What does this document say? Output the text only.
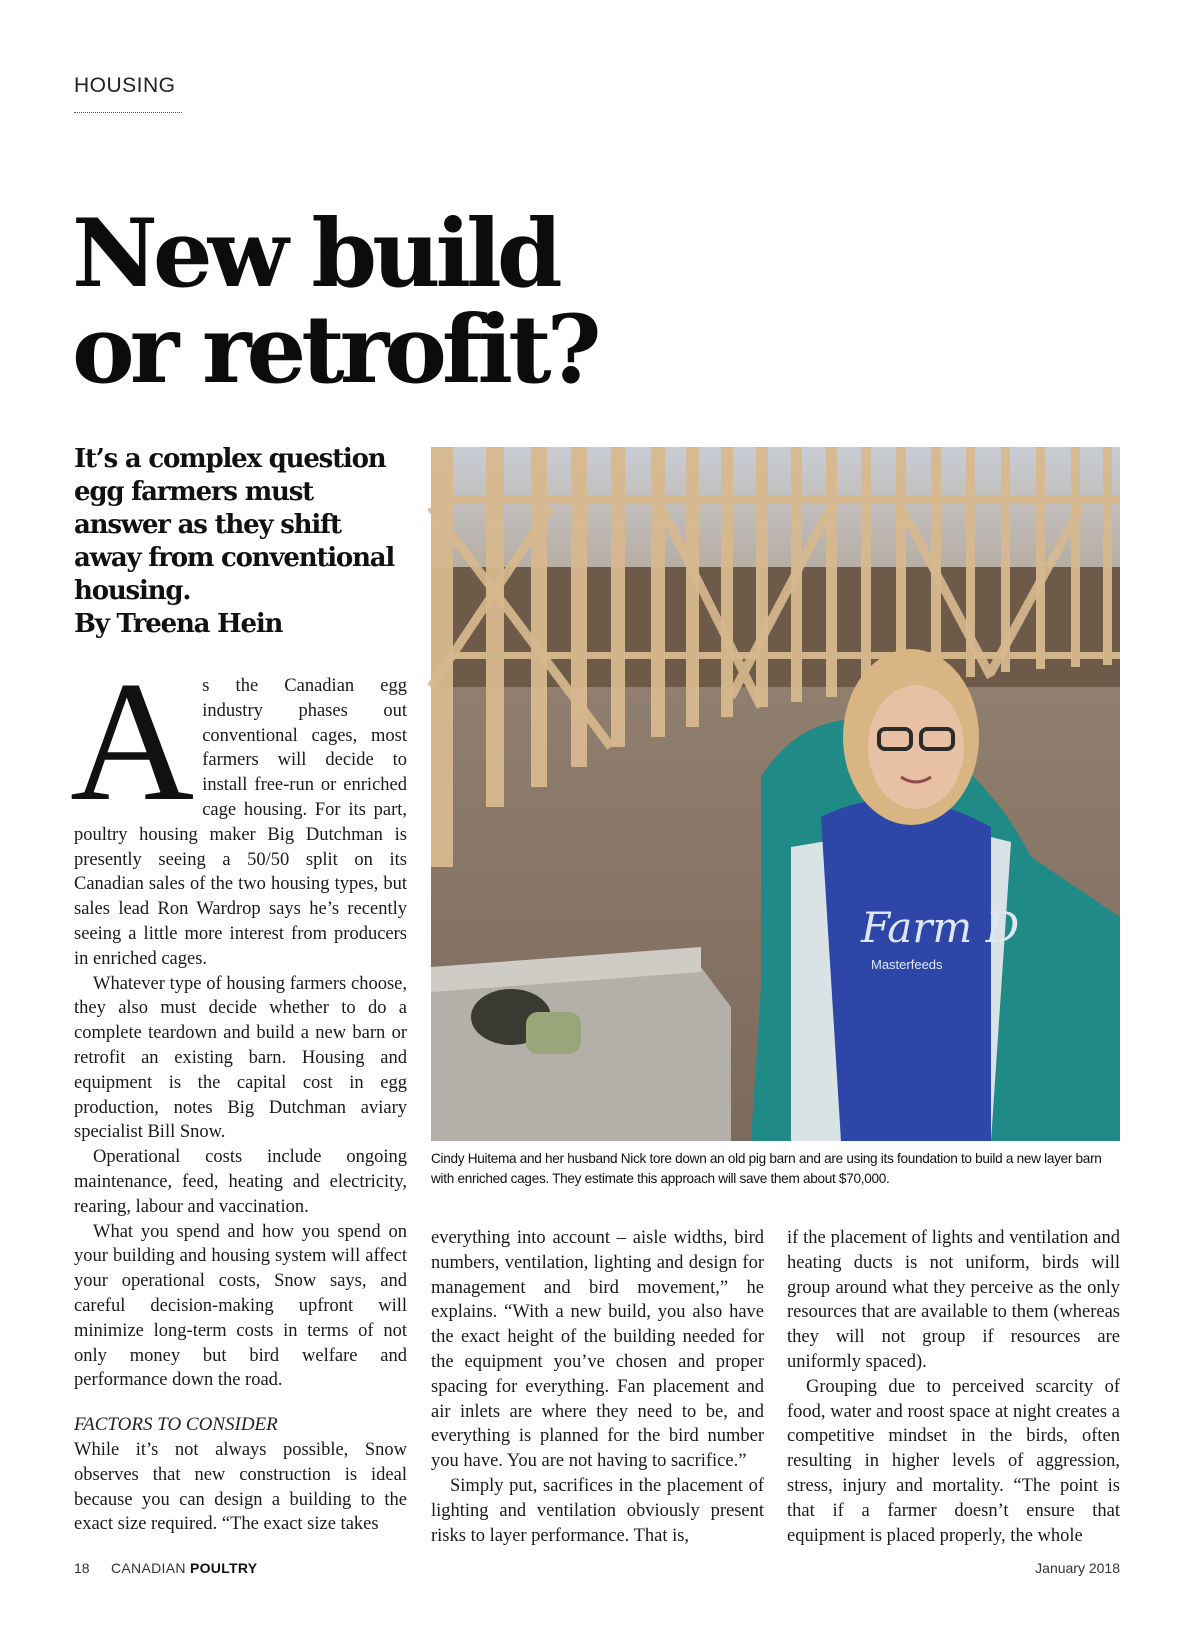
HOUSING
New build
or retrofit?
It’s a complex question egg farmers must answer as they shift away from conventional housing.
By Treena Hein
Farm D
Masterfeeds

Cindy Huitema and her husband Nick tore down an old pig barn and are using its foundation to build a new layer barn with enriched cages. They estimate this approach will save them about $70,000.

A s the Canadian egg industry phases out conventional cages, most farmers will decide to install free-run or enriched cage housing. For its part, poultry housing maker Big Dutchman is presently seeing a 50/50 split on its Canadian sales of the two housing types, but sales lead Ron Wardrop says he’s recently seeing a little more interest from producers in enriched cages.

Whatever type of housing farmers choose, they also must decide whether to do a complete teardown and build a new barn or retrofit an existing barn. Housing and equipment is the capital cost in egg production, notes Big Dutchman aviary specialist Bill Snow.

Operational costs include ongoing maintenance, feed, heating and electricity, rearing, labour and vaccination.

What you spend and how you spend on your building and housing system will affect your operational costs, Snow says, and careful decision-making upfront will minimize long-term costs in terms of not only money but bird welfare and performance down the road.

FACTORS TO CONSIDER

While it’s not always possible, Snow observes that new construction is ideal because you can design a building to the exact size required. “The exact size takes

everything into account – aisle widths, bird numbers, ventilation, lighting and design for management and bird movement,” he explains. “With a new build, you also have the exact height of the building needed for the equipment you’ve chosen and proper spacing for everything. Fan placement and air inlets are where they need to be, and everything is planned for the bird number you have. You are not having to sacrifice.”

Simply put, sacrifices in the placement of lighting and ventilation obviously present risks to layer performance. That is,

if the placement of lights and ventilation and heating ducts is not uniform, birds will group around what they perceive as the only resources that are available to them (whereas they will not group if resources are uniformly spaced).

Grouping due to perceived scarcity of food, water and roost space at night creates a competitive mindset in the birds, often resulting in higher levels of aggression, stress, injury and mortality. “The point is that if a farmer doesn’t ensure that equipment is placed properly, the whole

18 CANADIAN POULTRY	January 2018
